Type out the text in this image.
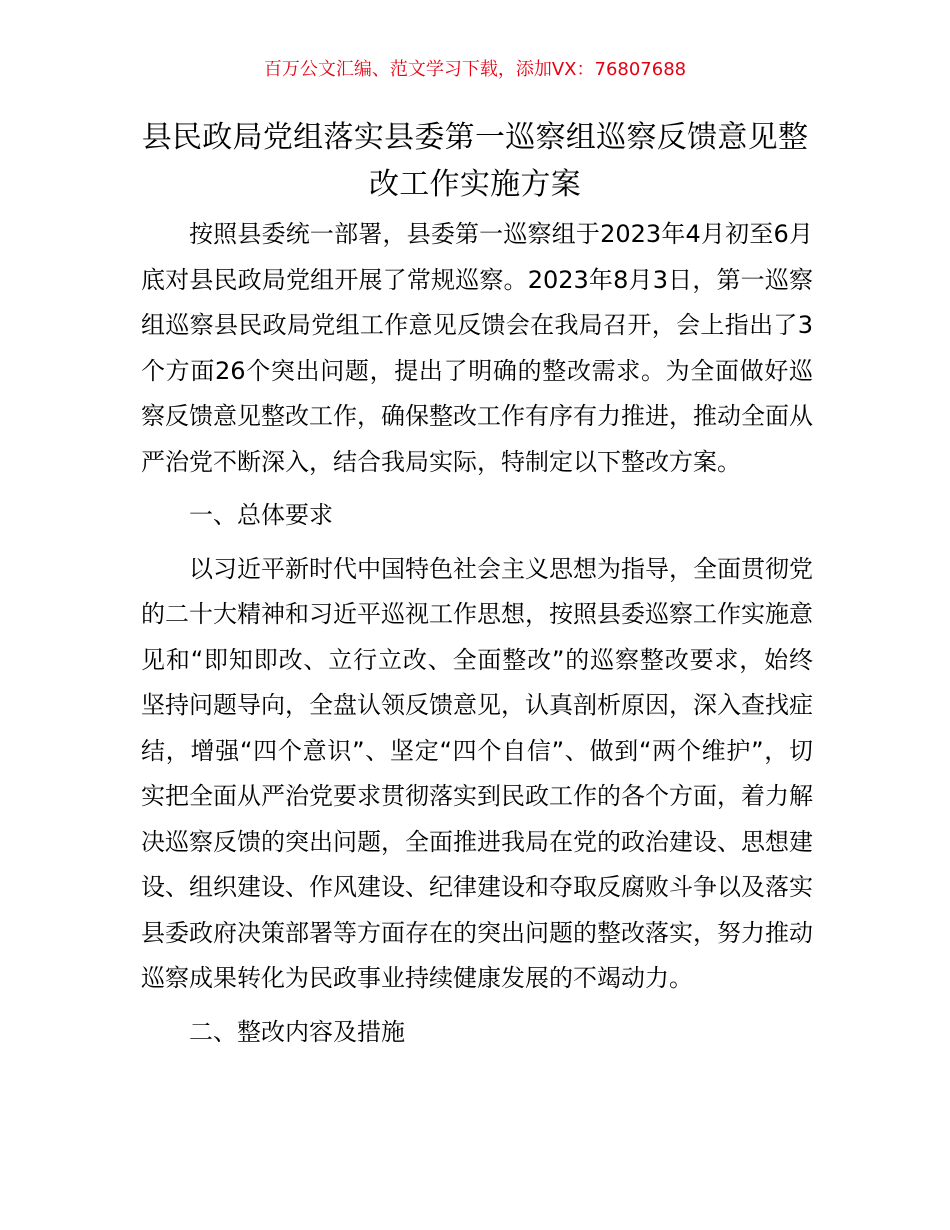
百万公文汇编、范文学习下载，添加VX：76807688
县民政局党组落实县委第一巡察组巡察反馈意见整改工作实施方案

按照县委统一部署，县委第一巡察组于2023年4月初至6月底对县民政局党组开展了常规巡察。2023年8月3日，第一巡察组巡察县民政局党组工作意见反馈会在我局召开，会上指出了3个方面26个突出问题，提出了明确的整改需求。为全面做好巡察反馈意见整改工作，确保整改工作有序有力推进，推动全面从严治党不断深入，结合我局实际，特制定以下整改方案。

一、总体要求

以习近平新时代中国特色社会主义思想为指导，全面贯彻党的二十大精神和习近平巡视工作思想，按照县委巡察工作实施意见和“即知即改、立行立改、全面整改”的巡察整改要求，始终坚持问题导向，全盘认领反馈意见，认真剖析原因，深入查找症结，增强“四个意识”、坚定“四个自信”、做到“两个维护”，切实把全面从严治党要求贯彻落实到民政工作的各个方面，着力解决巡察反馈的突出问题，全面推进我局在党的政治建设、思想建设、组织建设、作风建设、纪律建设和夺取反腐败斗争以及落实县委政府决策部署等方面存在的突出问题的整改落实，努力推动巡察成果转化为民政事业持续健康发展的不竭动力。

二、整改内容及措施
